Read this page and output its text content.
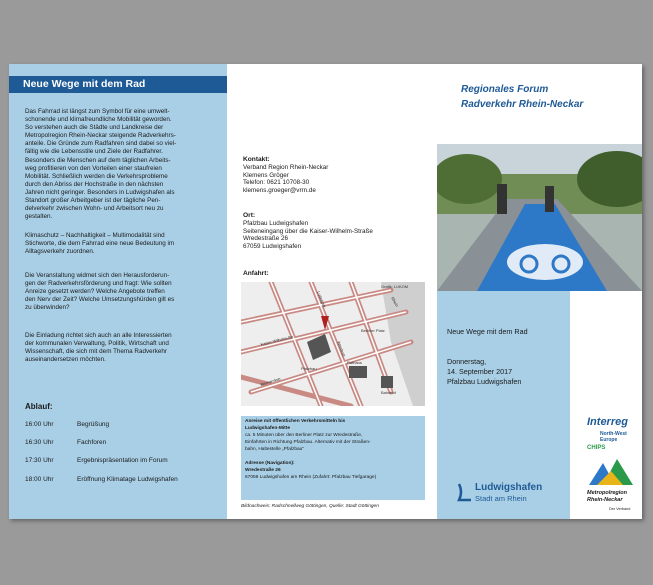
Neue Wege mit dem Rad
Das Fahrrad ist längst zum Symbol für eine umwelt-
schonende und klimafreundliche Mobilität geworden.
So verstehen auch die Städte und Landkreise der
Metropolregion Rhein-Neckar steigende Radverkehrs-
anteile. Die Gründe zum Radfahren sind dabei so viel-
fältig wie die Lebensstile und Ziele der Radfahrer.
Besonders die Menschen auf dem täglichen Arbeits-
weg profitieren von den Vorteilen einer staufreien
Mobilität. Schließlich werden die Verkehrsprobleme
durch den Abriss der Hochstraße in den nächsten
Jahren nicht geringer. Besonders in Ludwigshafen als
Standort großer Arbeitgeber ist der tägliche Pen-
delverkehr zwischen Wohn- und Arbeitsort neu zu
gestalten.
Klimaschutz – Nachhaltigkeit – Multimodalität sind
Stichworte, die dem Fahrrad eine neue Bedeutung im
Alltagsverkehr zuordnen.
Die Veranstaltung widmet sich den Herausforderun-
gen der Radverkehrsförderung und fragt: Wie sollten
Anreize gesetzt werden? Welche Angebote treffen
den Nerv der Zeit? Welche Umsetzungshürden gilt es
zu überwinden?
Die Einladung richtet sich auch an alle Interessierten
der kommunalen Verwaltung, Politik, Wirtschaft und
Wissenschaft, die sich mit dem Thema Radverkehr
auseinandersetzen möchten.
Ablauf:
16:00 Uhr	Begrüßung
16:30 Uhr	Fachforen
17:30 Uhr	Ergebnispräsentation im Forum
18:00 Uhr	Eröffnung Klimatage Ludwigshafen
Kontakt:
Verband Region Rhein-Neckar
Klemens Gröger
Telefon: 0621 10708-30
klemens.groeger@vrrn.de
Ort:
Pfalzbau Ludwigshafen
Seiteneingang über die Kaiser-Wilhelm-Straße
Wredestraße 26
67059 Ludwigshafen
Anfahrt:
Rhein
Grafik: LUKOM
Pfalzbau
Rathaus
Bahnhof
Kaiser-Wilhelm-Str.
Ludwigstr.
Wredestr.
Bismarckstr.
Berliner Platz
Anreise mit öffentlichen Verkehrsmitteln bis
Ludwigshafen-Mitte
ca. 5 Minuten über den Berliner Platz zur Wredestraße,
Einfahrten in Richtung Pfalzbau. Alternativ mit der Straßen-
bahn, Haltestelle „Pfalzbau"
Adresse (Navigation):
Wredestraße 26
67059 Ludwigshafen am Rhein (Zufahrt: Pfalzbau Tiefgarage)
Bildnachweis: Radschnellweg Göttingen, Quelle: Stadt Göttingen
Regionales Forum
Radverkehr Rhein-Neckar
Neue Wege mit dem Rad
Donnerstag,
14. September 2017
Pfalzbau Ludwigshafen
Ludwigshafen
Stadt am Rhein
Interreg
North-West Europe
CHIPS
Metropolregion
Rhein-Neckar
Der Verband
